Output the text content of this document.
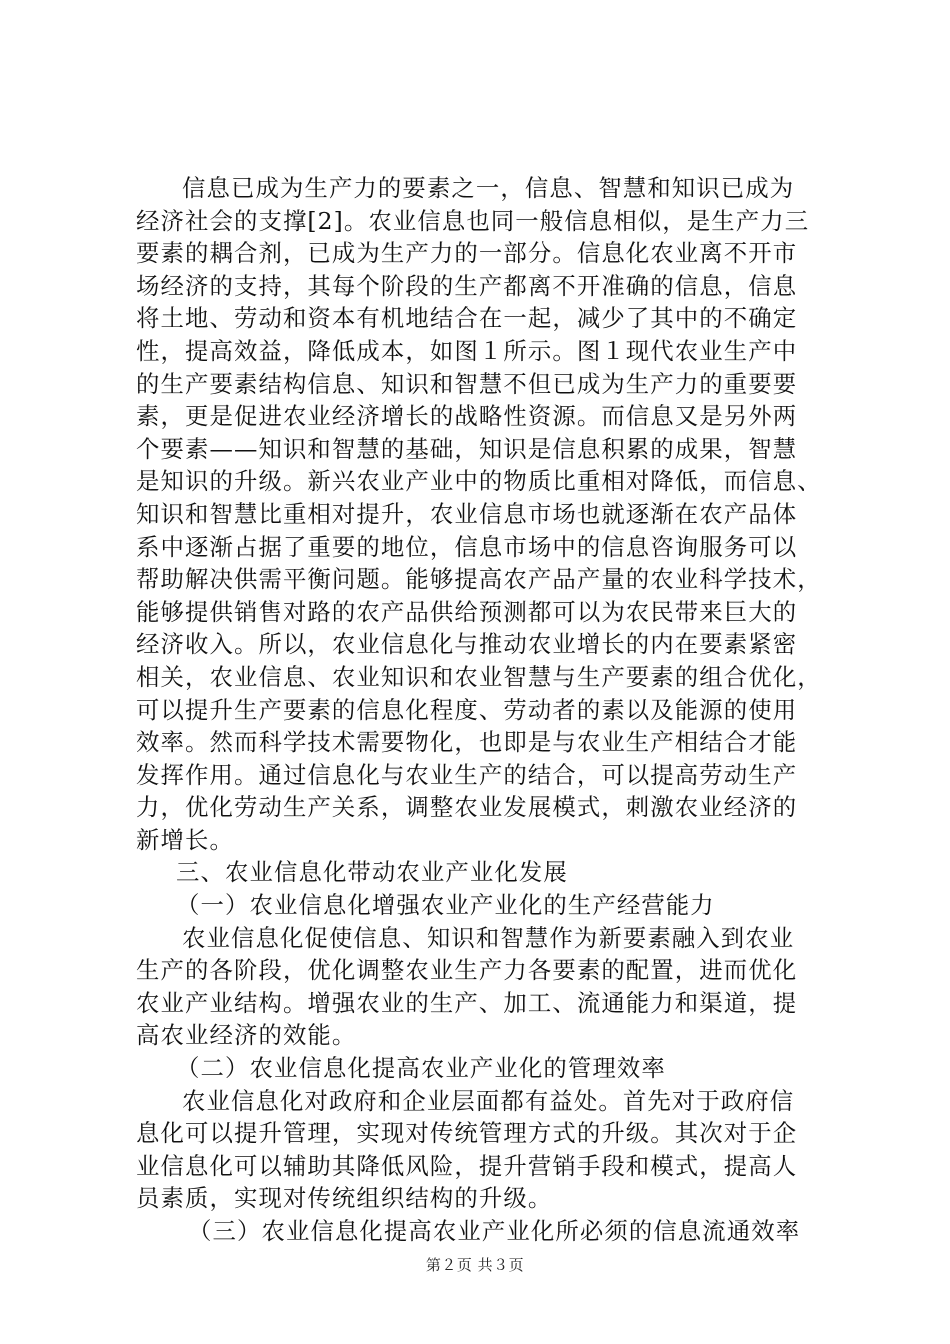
信息已成为生产力的要素之一，信息、智慧和知识已成为
经济社会的支撑[2]。农业信息也同一般信息相似，是生产力三
要素的耦合剂，已成为生产力的一部分。信息化农业离不开市
场经济的支持，其每个阶段的生产都离不开准确的信息，信息
将土地、劳动和资本有机地结合在一起，减少了其中的不确定
性，提高效益，降低成本，如图１所示。图１现代农业生产中
的生产要素结构信息、知识和智慧不但已成为生产力的重要要
素，更是促进农业经济增长的战略性资源。而信息又是另外两
个要素——知识和智慧的基础，知识是信息积累的成果，智慧
是知识的升级。新兴农业产业中的物质比重相对降低，而信息、
知识和智慧比重相对提升，农业信息市场也就逐渐在农产品体
系中逐渐占据了重要的地位，信息市场中的信息咨询服务可以
帮助解决供需平衡问题。能够提高农产品产量的农业科学技术，
能够提供销售对路的农产品供给预测都可以为农民带来巨大的
经济收入。所以，农业信息化与推动农业增长的内在要素紧密
相关，农业信息、农业知识和农业智慧与生产要素的组合优化，
可以提升生产要素的信息化程度、劳动者的素以及能源的使用
效率。然而科学技术需要物化，也即是与农业生产相结合才能
发挥作用。通过信息化与农业生产的结合，可以提高劳动生产
力，优化劳动生产关系，调整农业发展模式，刺激农业经济的
新增长。
三、农业信息化带动农业产业化发展
（一）农业信息化增强农业产业化的生产经营能力
农业信息化促使信息、知识和智慧作为新要素融入到农业
生产的各阶段，优化调整农业生产力各要素的配置，进而优化
农业产业结构。增强农业的生产、加工、流通能力和渠道，提
高农业经济的效能。
（二）农业信息化提高农业产业化的管理效率
农业信息化对政府和企业层面都有益处。首先对于政府信
息化可以提升管理，实现对传统管理方式的升级。其次对于企
业信息化可以辅助其降低风险，提升营销手段和模式，提高人
员素质，实现对传统组织结构的升级。
（三）农业信息化提高农业产业化所必须的信息流通效率
第２页 共３页
